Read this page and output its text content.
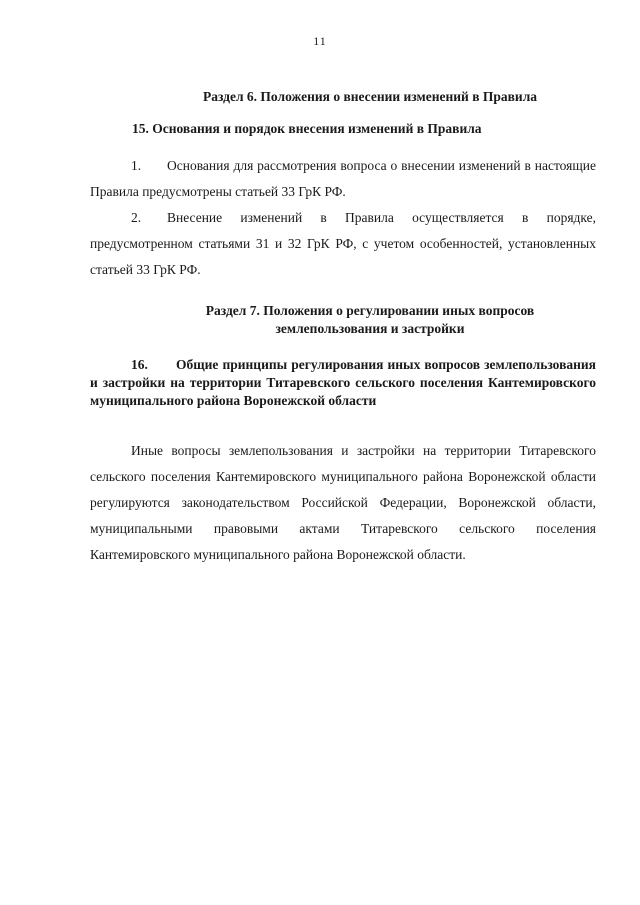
11
Раздел 6. Положения о внесении изменений в Правила
15. Основания и порядок внесения изменений в Правила
1. Основания для рассмотрения вопроса о внесении изменений в настоящие Правила предусмотрены статьей 33 ГрК РФ.
2. Внесение изменений в Правила осуществляется в порядке, предусмотренном статьями 31 и 32 ГрК РФ, с учетом особенностей, установленных статьей 33 ГрК РФ.
Раздел 7. Положения о регулировании иных вопросов
землепользования и застройки
16. Общие принципы регулирования иных вопросов землепользования и застройки на территории Титаревского сельского поселения Кантемировского муниципального района Воронежской области
Иные вопросы землепользования и застройки на территории Титаревского сельского поселения Кантемировского муниципального района Воронежской области регулируются законодательством Российской Федерации, Воронежской области, муниципальными правовыми актами Титаревского сельского поселения Кантемировского муниципального района Воронежской области.
